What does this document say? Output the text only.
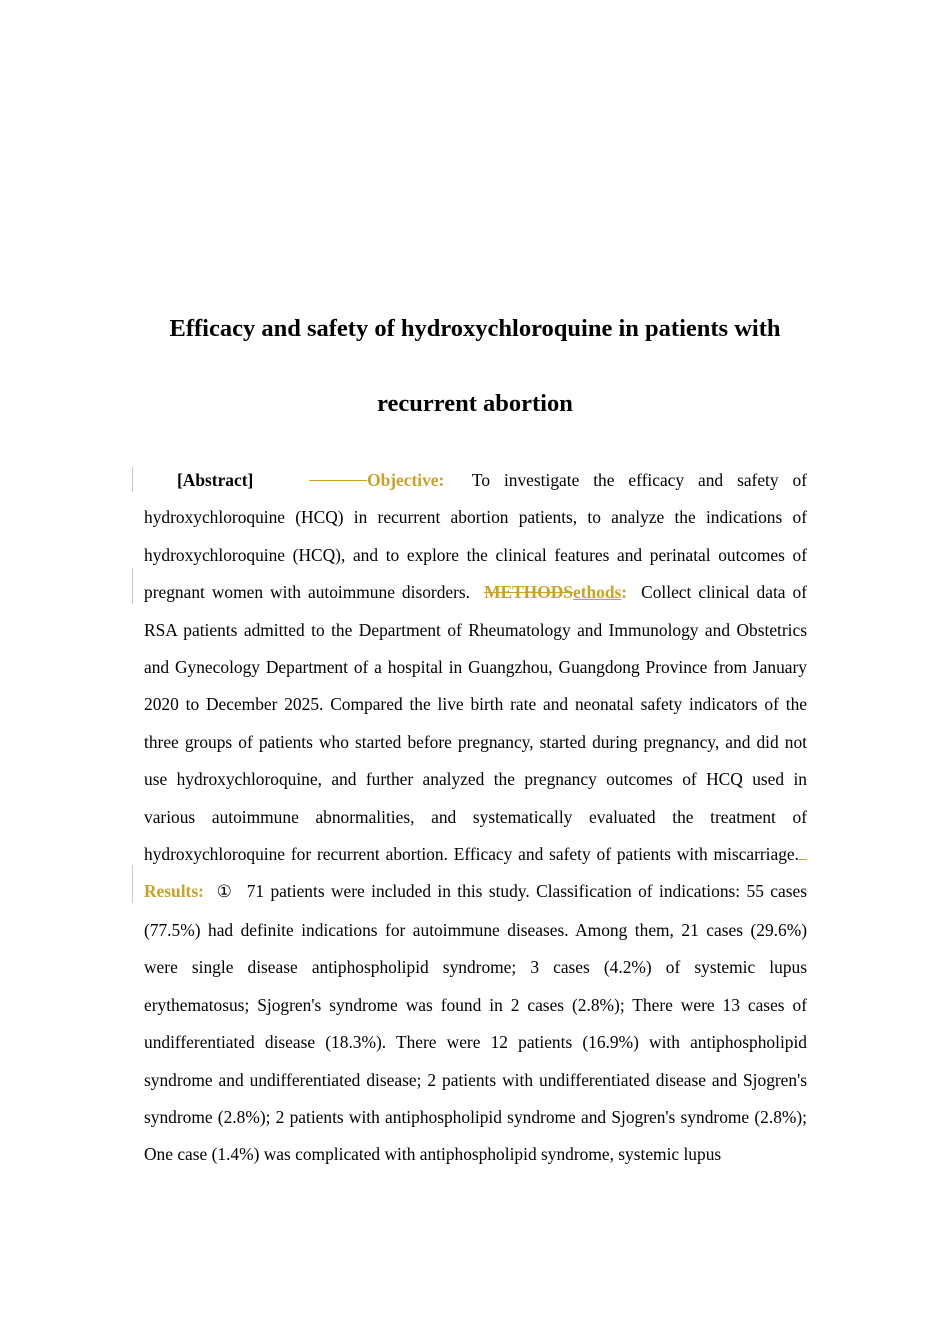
Efficacy and safety of hydroxychloroquine in patients with
recurrent abortion
[Abstract]	Objective: To investigate the efficacy and safety of hydroxychloroquine (HCQ) in recurrent abortion patients, to analyze the indications of hydroxychloroquine (HCQ), and to explore the clinical features and perinatal outcomes of pregnant women with autoimmune disorders. METHODSethods: Collect clinical data of RSA patients admitted to the Department of Rheumatology and Immunology and Obstetrics and Gynecology Department of a hospital in Guangzhou, Guangdong Province from January 2020 to December 2025. Compared the live birth rate and neonatal safety indicators of the three groups of patients who started before pregnancy, started during pregnancy, and did not use hydroxychloroquine, and further analyzed the pregnancy outcomes of HCQ used in various autoimmune abnormalities, and systematically evaluated the treatment of hydroxychloroquine for recurrent abortion. Efficacy and safety of patients with miscarriage.Results: ① 71 patients were included in this study. Classification of indications: 55 cases (77.5%) had definite indications for autoimmune diseases. Among them, 21 cases (29.6%) were single disease antiphospholipid syndrome; 3 cases (4.2%) of systemic lupus erythematosus; Sjogren's syndrome was found in 2 cases (2.8%); There were 13 cases of undifferentiated disease (18.3%). There were 12 patients (16.9%) with antiphospholipid syndrome and undifferentiated disease; 2 patients with undifferentiated disease and Sjogren's syndrome (2.8%); 2 patients with antiphospholipid syndrome and Sjogren's syndrome (2.8%); One case (1.4%) was complicated with antiphospholipid syndrome, systemic lupus
